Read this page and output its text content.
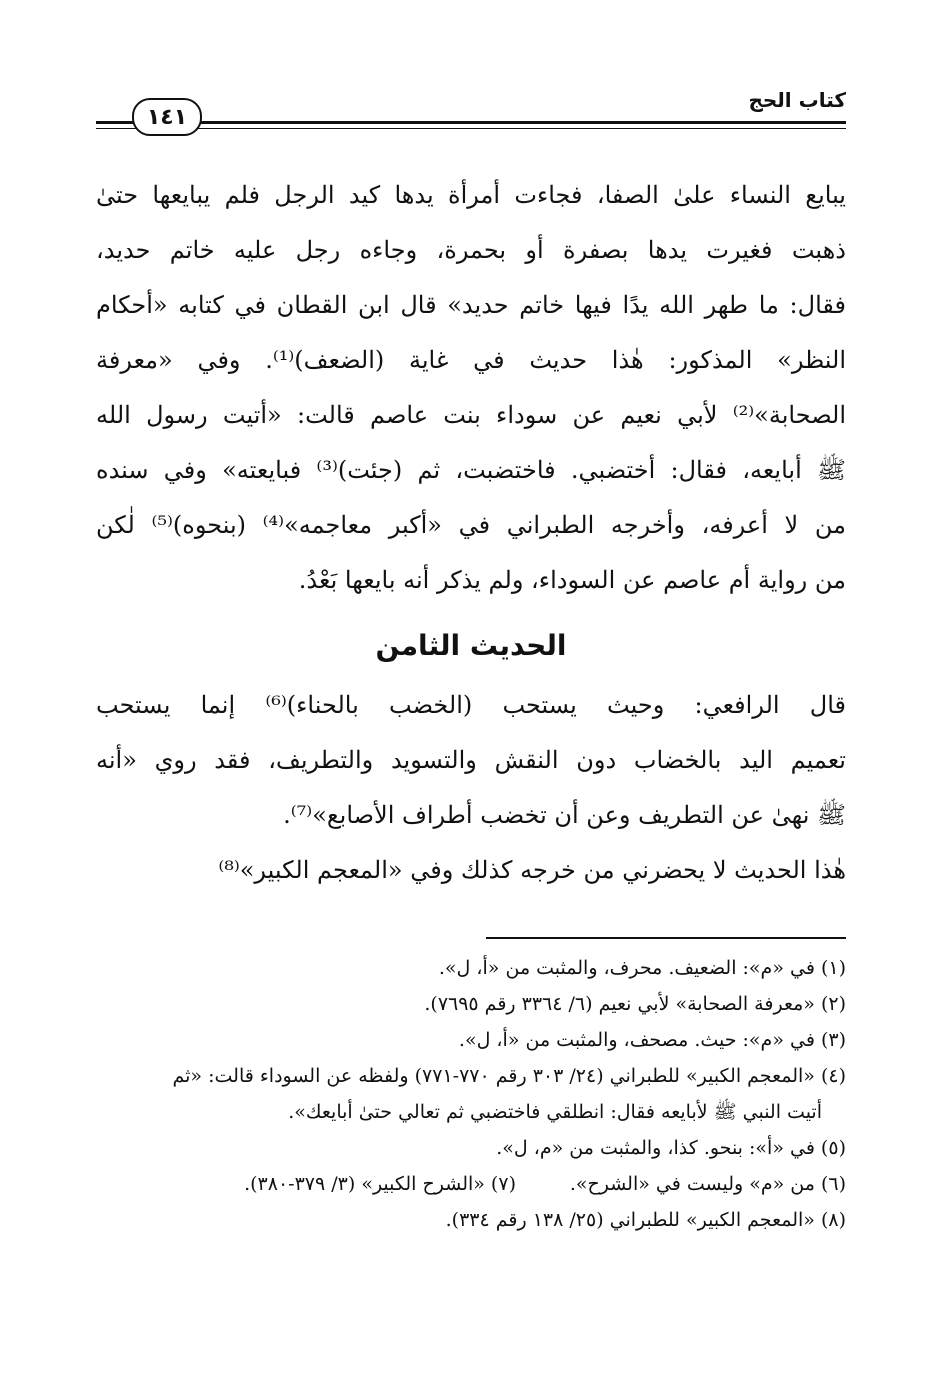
١٤١
كتاب الحج
يبايع النساء علىٰ الصفا، فجاءت أمرأة يدها كيد الرجل فلم يبايعها حتىٰ
ذهبت فغيرت يدها بصفرة أو بحمرة، وجاءه رجل عليه خاتم حديد،
فقال: ما طهر الله يدًا فيها خاتم حديد» قال ابن القطان في كتابه «أحكام
النظر» المذكور: هٰذا حديث في غاية (الضعف)⁽¹⁾. وفي «معرفة
الصحابة»⁽²⁾ لأبي نعيم عن سوداء بنت عاصم قالت: «أتيت رسول الله
ﷺ أبايعه، فقال: أختضبي. فاختضبت، ثم (جئت)⁽³⁾ فبايعته» وفي سنده
من لا أعرفه، وأخرجه الطبراني في «أكبر معاجمه»⁽⁴⁾ (بنحوه)⁽⁵⁾ لٰكن
من رواية أم عاصم عن السوداء، ولم يذكر أنه بايعها بَعْدُ.
الحديث الثامن
قال الرافعي: وحيث يستحب (الخضب بالحناء)⁽⁶⁾ إنما يستحب
تعميم اليد بالخضاب دون النقش والتسويد والتطريف، فقد روي «أنه
ﷺ نهىٰ عن التطريف وعن أن تخضب أطراف الأصابع»⁽⁷⁾.
هٰذا الحديث لا يحضرني من خرجه كذلك وفي «المعجم الكبير»⁽⁸⁾
(١) في «م»: الضعيف. محرف، والمثبت من «أ، ل».
(٢) «معرفة الصحابة» لأبي نعيم (٦/ ٣٣٦٤ رقم ٧٦٩٥).
(٣) في «م»: حيث. مصحف، والمثبت من «أ، ل».
(٤) «المعجم الكبير» للطبراني (٢٤/ ٣٠٣ رقم ٧٧٠-٧٧١) ولفظه عن السوداء قالت: «ثم
أتيت النبي ﷺ لأبايعه فقال: انطلقي فاختضبي ثم تعالي حتىٰ أبايعك».
(٥) في «أ»: بنحو. كذا، والمثبت من «م، ل».
(٦) من «م» وليست في «الشرح».
(٧) «الشرح الكبير» (٣/ ٣٧٩-٣٨٠).
(٨) «المعجم الكبير» للطبراني (٢٥/ ١٣٨ رقم ٣٣٤).
